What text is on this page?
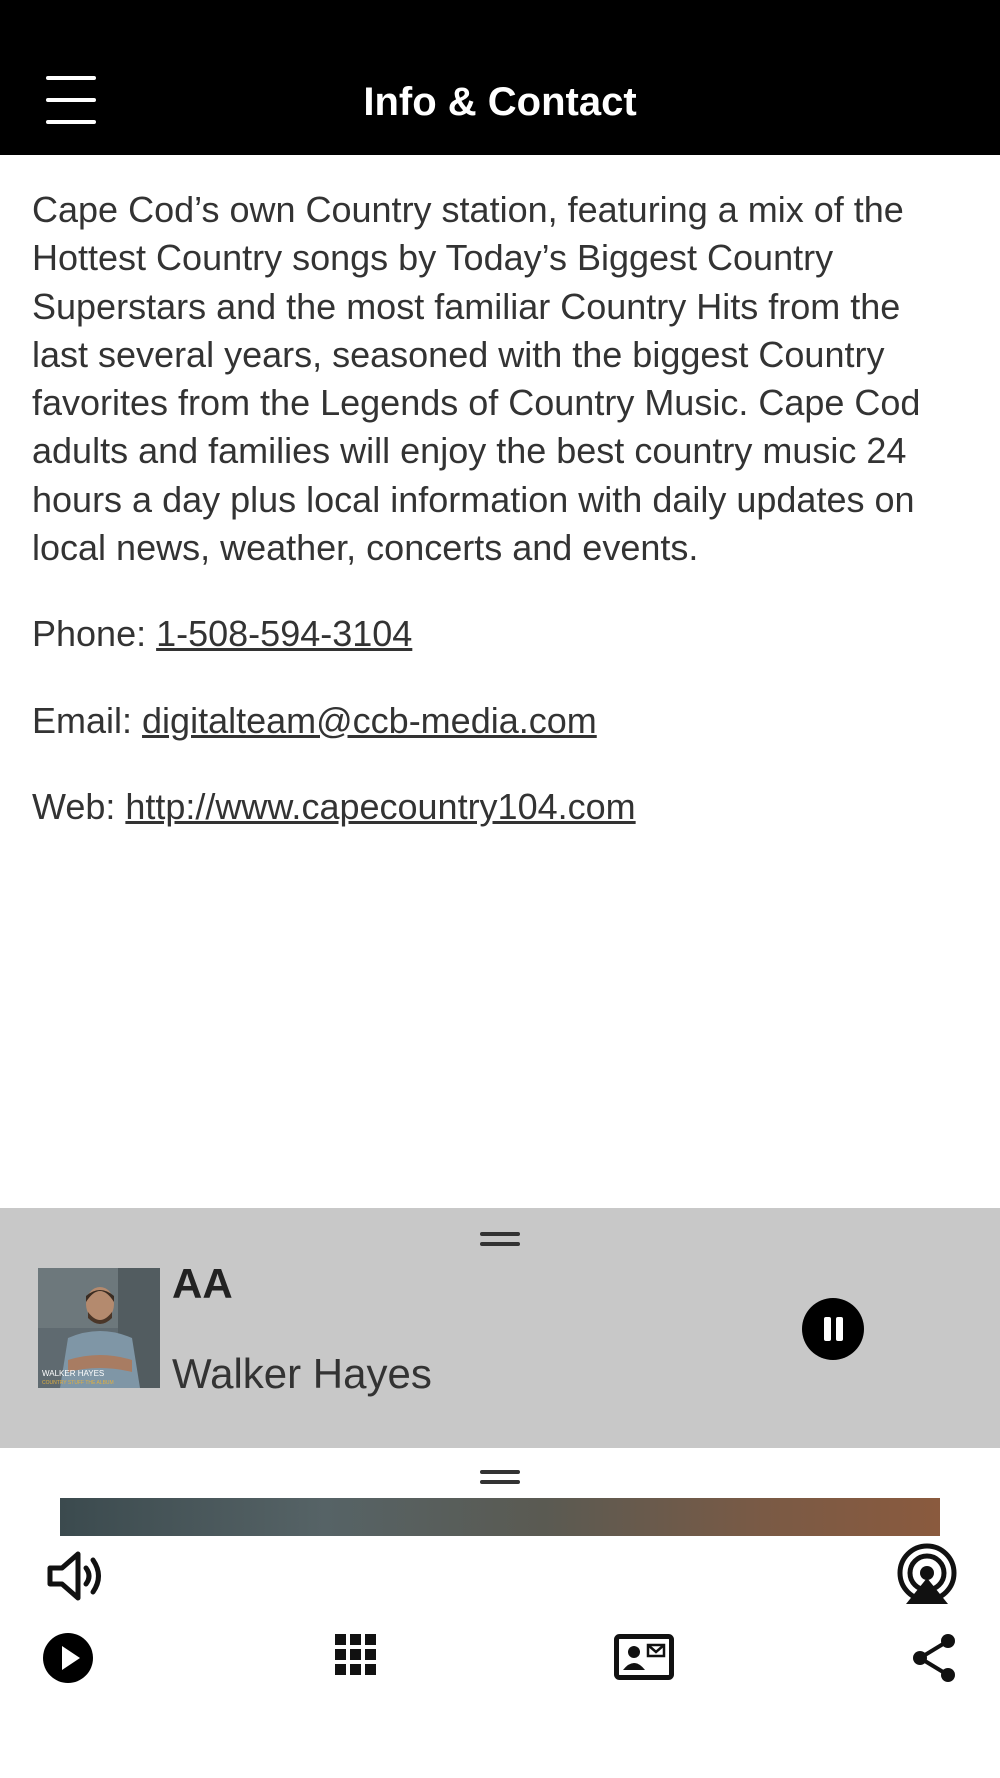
Info & Contact

Cape Cod’s own Country station, featuring a mix of the Hottest Country songs by Today’s Biggest Country Superstars and the most familiar Country Hits from the last several years, seasoned with the biggest Country favorites from the Legends of Country Music. Cape Cod adults and families will enjoy the best country music 24 hours a day plus local information with daily updates on local news, weather, concerts and events.

Phone: 1-508-594-3104

Email: digitalteam@ccb-media.com

Web: http://www.capecountry104.com

WALKER HAYES
COUNTRY STUFF THE ALBUM
AA
Walker Hayes
